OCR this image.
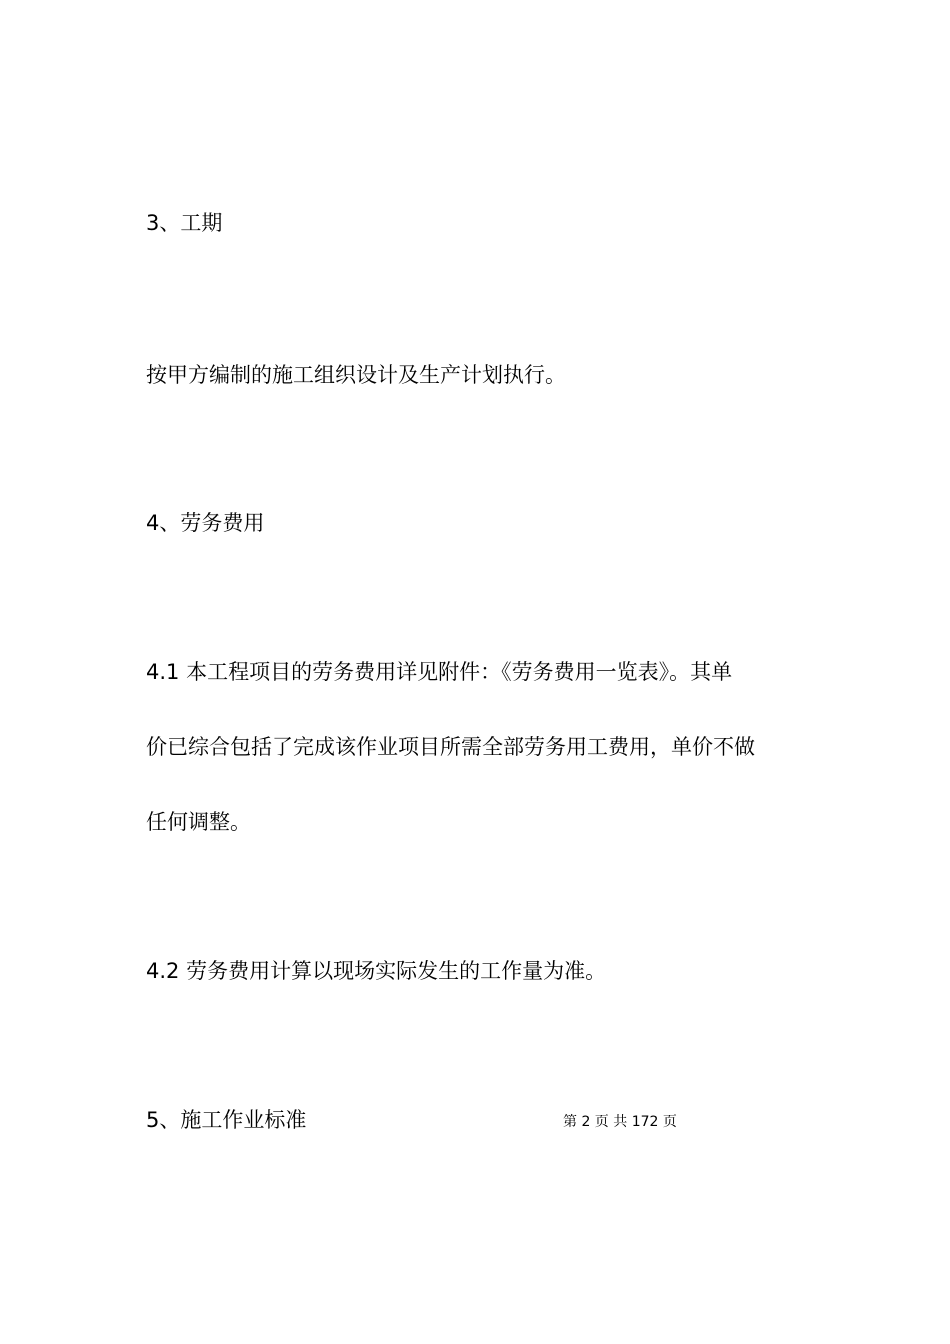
3、工期

按甲方编制的施工组织设计及生产计划执行。

4、劳务费用

4.1 本工程项目的劳务费用详见附件：《劳务费用一览表》。其单

价已综合包括了完成该作业项目所需全部劳务用工费用，单价不做

任何调整。

4.2 劳务费用计算以现场实际发生的工作量为准。

5、施工作业标准	第 2 页 共 172 页
